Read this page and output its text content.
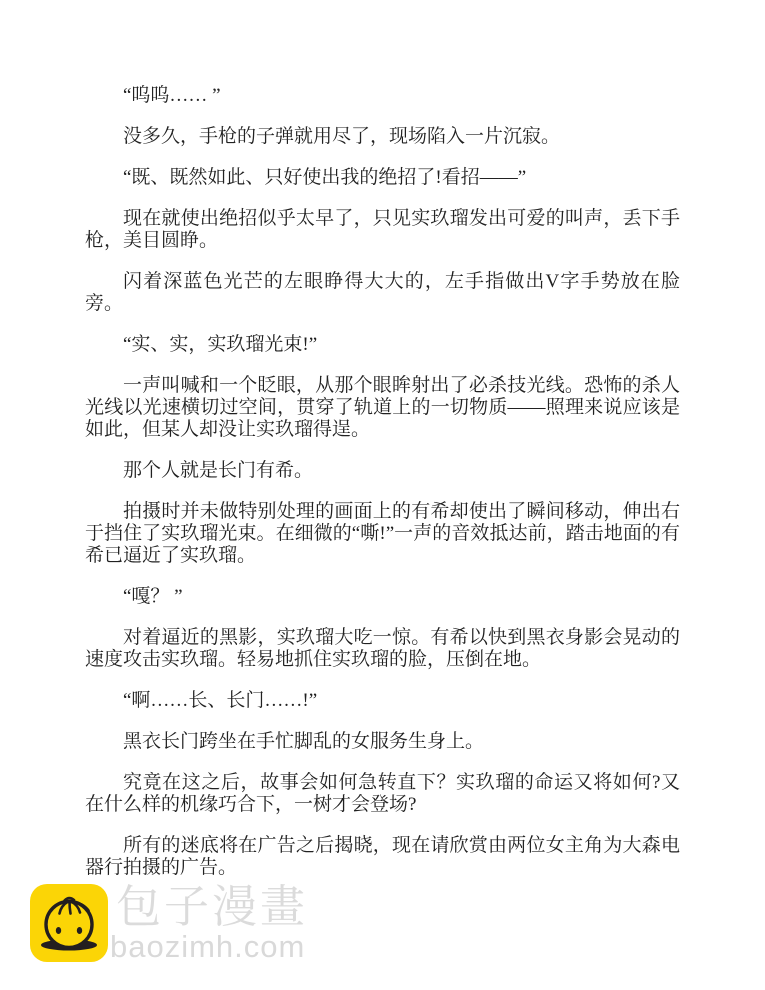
“呜呜…… ”

没多久，手枪的子弹就用尽了，现场陷入一片沉寂。

“既、既然如此、只好使出我的绝招了!看招——”

现在就使出绝招似乎太早了，只见实玖瑠发出可爱的叫声，丢下手枪，美目圆睁。

闪着深蓝色光芒的左眼睁得大大的，左手指做出V字手势放在脸旁。

“实、实，实玖瑠光束!”

一声叫喊和一个眨眼，从那个眼眸射出了必杀技光线。恐怖的杀人光线以光速横切过空间，贯穿了轨道上的一切物质——照理来说应该是如此，但某人却没让实玖瑠得逞。

那个人就是长门有希。

拍摄时并未做特别处理的画面上的有希却使出了瞬间移动，伸出右于挡住了实玖瑠光束。在细微的“嘶!”一声的音效抵达前，踏击地面的有希已逼近了实玖瑠。

“嘎？ ”

对着逼近的黑影，实玖瑠大吃一惊。有希以快到黑衣身影会晃动的速度攻击实玖瑠。轻易地抓住实玖瑠的脸，压倒在地。

“啊……长、长门……!”

黑衣长门跨坐在手忙脚乱的女服务生身上。

究竟在这之后，故事会如何急转直下？实玖瑠的命运又将如何?又在什么样的机缘巧合下，一树才会登场?

所有的迷底将在广告之后揭晓，现在请欣赏由两位女主角为大森电器行拍摄的广告。

包子漫畫
baozimh.com
